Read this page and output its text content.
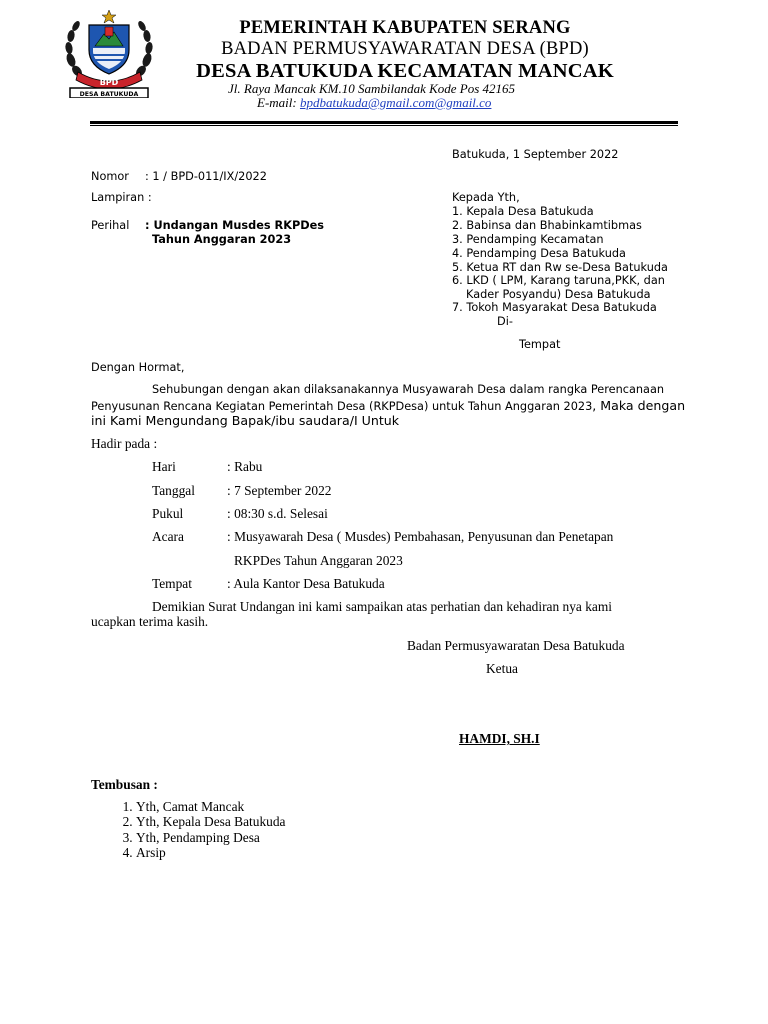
BPD
DESA BATUKUDA
PEMERINTAH KABUPATEN SERANG
BADAN PERMUSYAWARATAN DESA (BPD)
DESA BATUKUDA KECAMATAN MANCAK
Jl. Raya Mancak KM.10 Sambilandak Kode Pos 42165
E-mail: bpdbatukuda@gmail.com@gmail.co
Batukuda, 1 September 2022
Nomor : 1 / BPD-011/IX/2022
Lampiran :
Perihal : Undangan Musdes RKPDes
Tahun Anggaran 2023
Kepada Yth,
1. Kepala Desa Batukuda
2. Babinsa dan Bhabinkamtibmas
3. Pendamping Kecamatan
4. Pendamping Desa Batukuda
5. Ketua RT dan Rw se-Desa Batukuda
6. LKD ( LPM, Karang taruna,PKK, dan
Kader Posyandu) Desa Batukuda
7. Tokoh Masyarakat Desa Batukuda
Di-
Tempat
Dengan Hormat,
Sehubungan dengan akan dilaksanakannya Musyawarah Desa dalam rangka Perencanaan
Penyusunan Rencana Kegiatan Pemerintah Desa (RKPDesa) untuk Tahun Anggaran 2023, Maka dengan
ini Kami Mengundang Bapak/ibu saudara/I Untuk
Hadir pada :
Hari	: Rabu
Tanggal : 7 September 2022
Pukul	: 08:30 s.d. Selesai
Acara	: Musyawarah Desa ( Musdes) Pembahasan, Penyusunan dan Penetapan
RKPDes Tahun Anggaran 2023
Tempat	: Aula Kantor Desa Batukuda
Demikian Surat Undangan ini kami sampaikan atas perhatian dan kehadiran nya kami
ucapkan terima kasih.
Badan Permusyawaratan Desa Batukuda
Ketua
HAMDI, SH.I
Tembusan :
1. Yth, Camat Mancak
2. Yth, Kepala Desa Batukuda
3. Yth, Pendamping Desa
4. Arsip
